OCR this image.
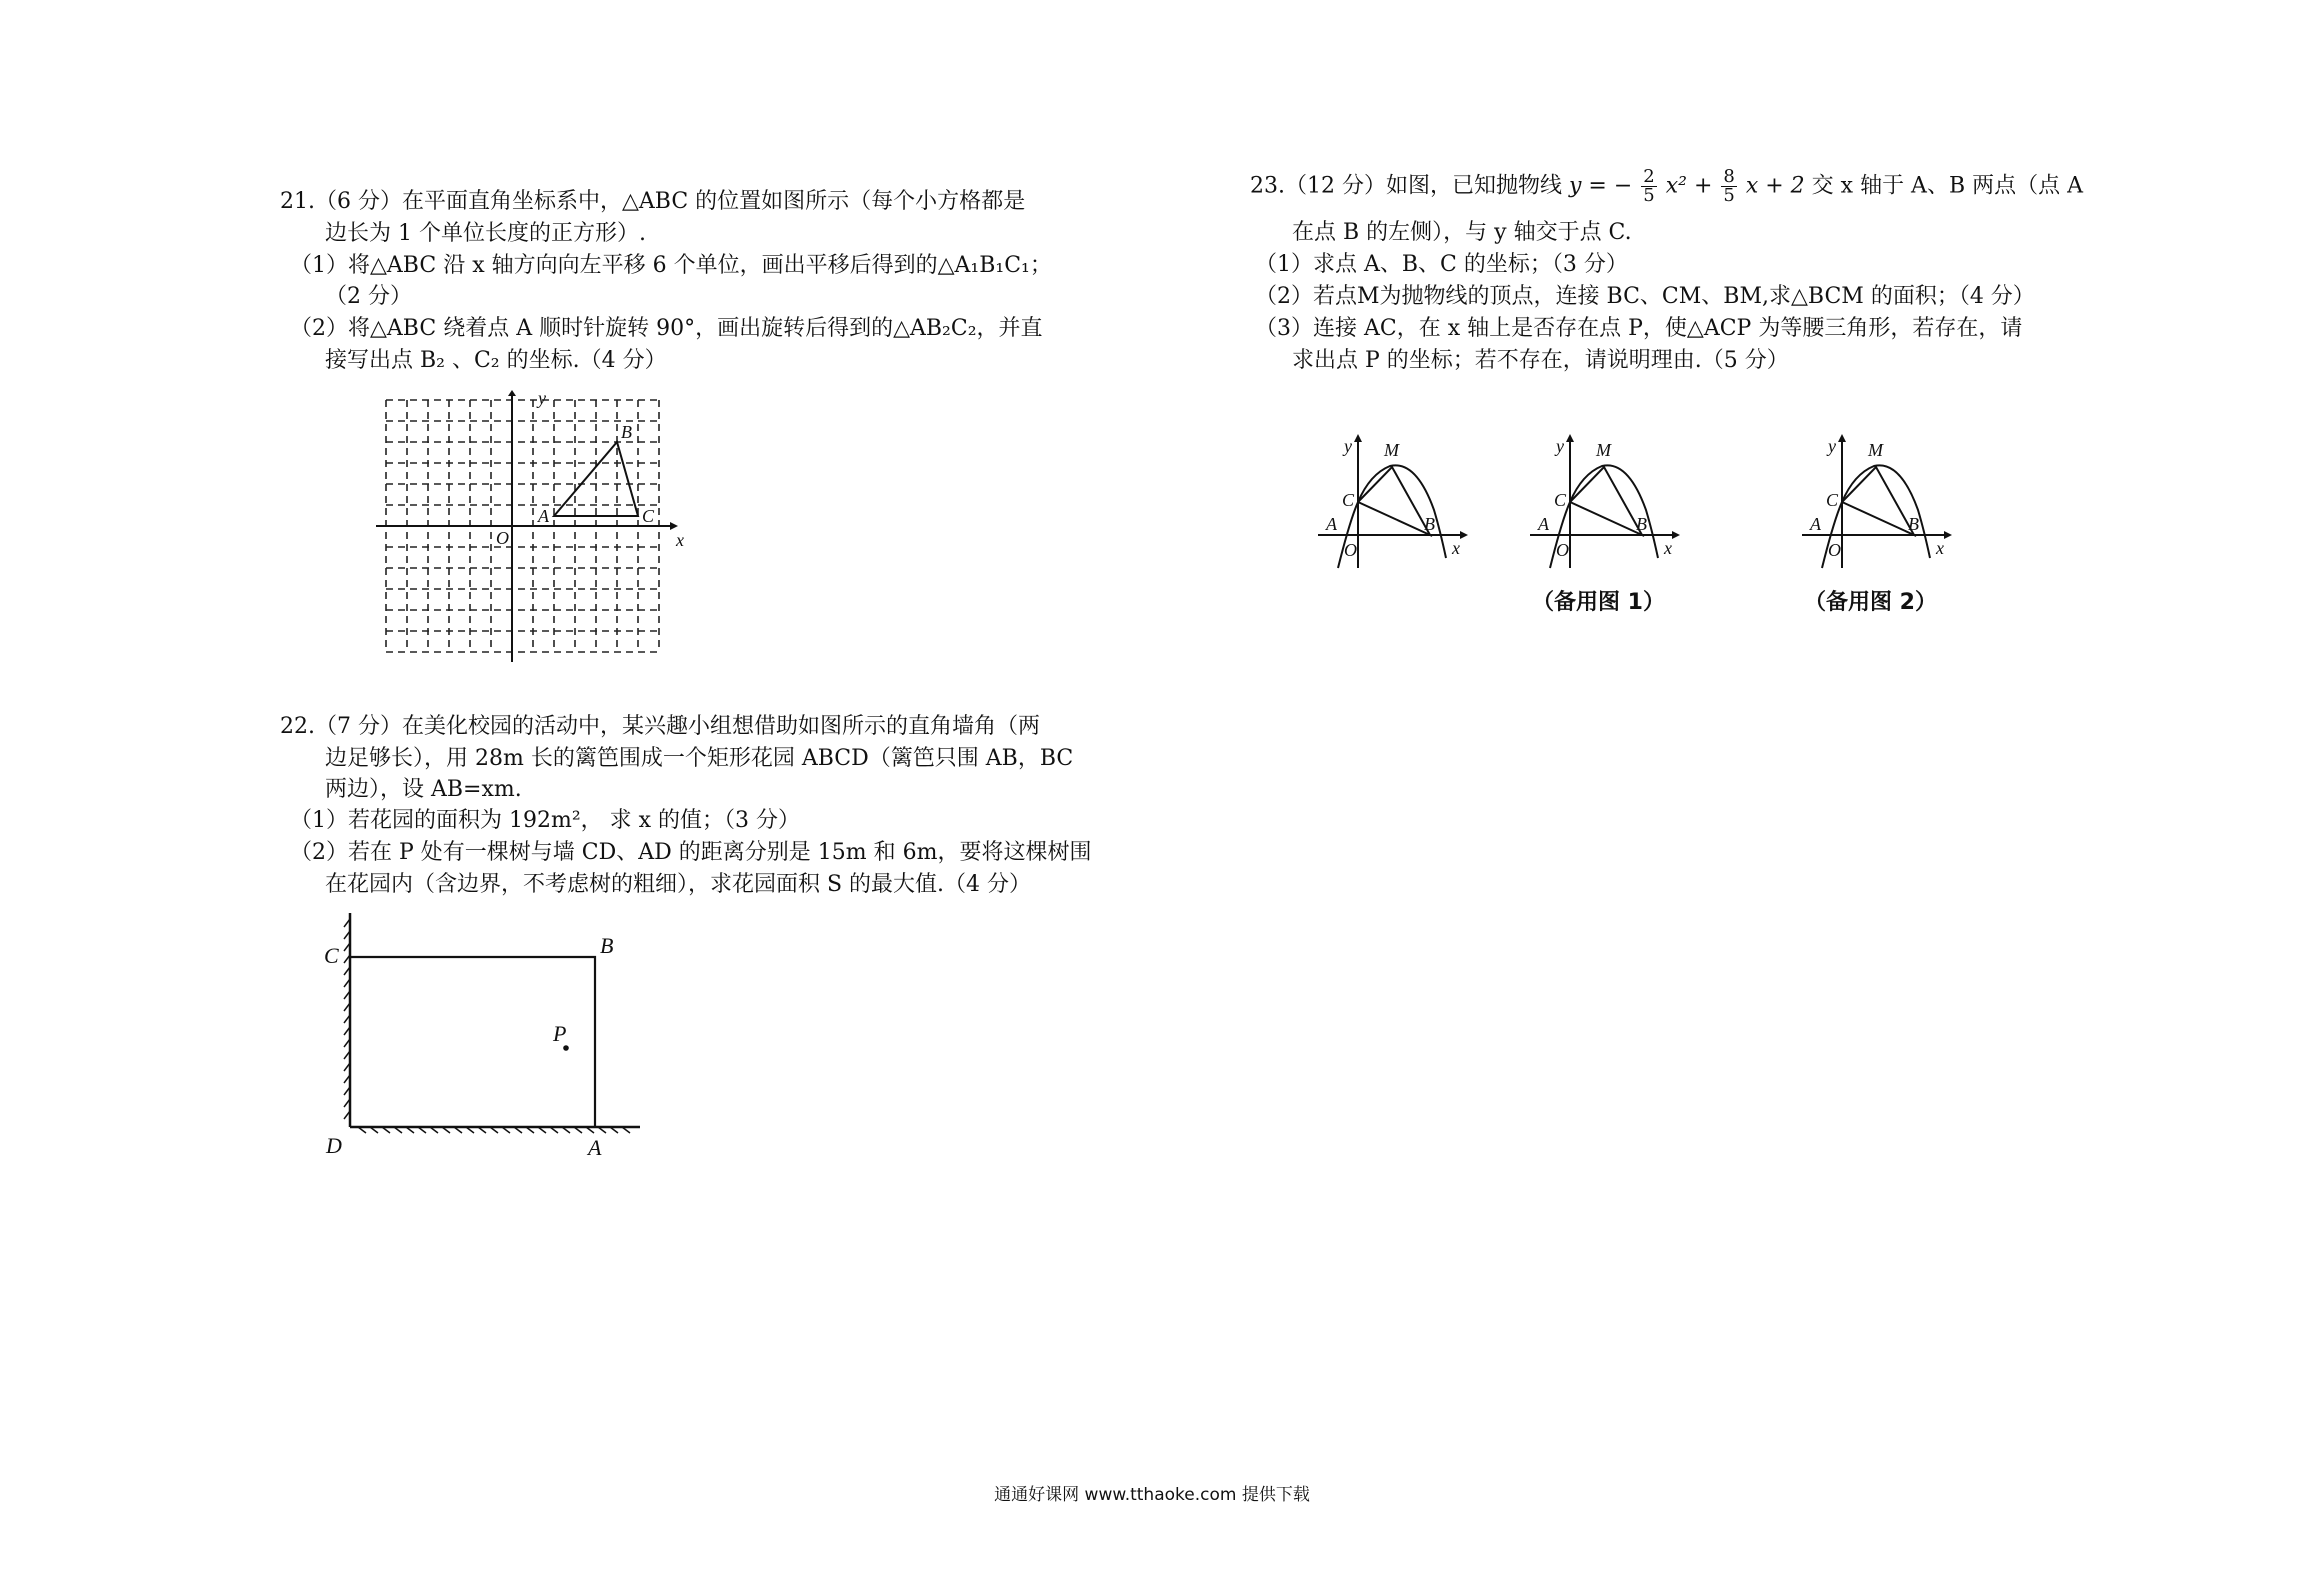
21.（6 分）在平面直角坐标系中，△ABC 的位置如图所示（每个小方格都是
边长为 1 个单位长度的正方形）.
（1）将△ABC 沿 x 轴方向向左平移 6 个单位，画出平移后得到的△A₁B₁C₁；
（2 分）
（2）将△ABC 绕着点 A 顺时针旋转 90°，画出旋转后得到的△AB₂C₂，并直
接写出点 B₂ 、C₂ 的坐标.（4 分）
y
x
O
A
B
C
22.（7 分）在美化校园的活动中，某兴趣小组想借助如图所示的直角墙角（两
边足够长），用 28m 长的篱笆围成一个矩形花园 ABCD（篱笆只围 AB，BC
两边），设 AB=xm.
（1）若花园的面积为 192m²， 求 x 的值；（3 分）
（2）若在 P 处有一棵树与墙 CD、AD 的距离分别是 15m 和 6m，要将这棵树围
在花园内（含边界，不考虑树的粗细），求花园面积 S 的最大值.（4 分）
C	B
P
D	A
23.（12 分）如图，已知抛物线 y = − $\frac{2}{5} x^2 + \frac{8}{5}$ x + 2 交 x 轴于 A、B 两点（点 A
在点 B 的左侧），与 y 轴交于点 C.
（1）求点 A、B、C 的坐标；（3 分）
（2）若点M为抛物线的顶点，连接 BC、CM、BM,求△BCM 的面积；（4 分）
（3）连接 AC，在 x 轴上是否存在点 P，使△ACP 为等腰三角形，若存在，请
求出点 P 的坐标；若不存在，请说明理由.（5 分）
y M
C
A
O
B
x
y M
C
A
O
B
x
y M
C
A
O
B
x
（备用图 1）	（备用图 2）
通通好课网 www.tthaoke.com 提供下载
